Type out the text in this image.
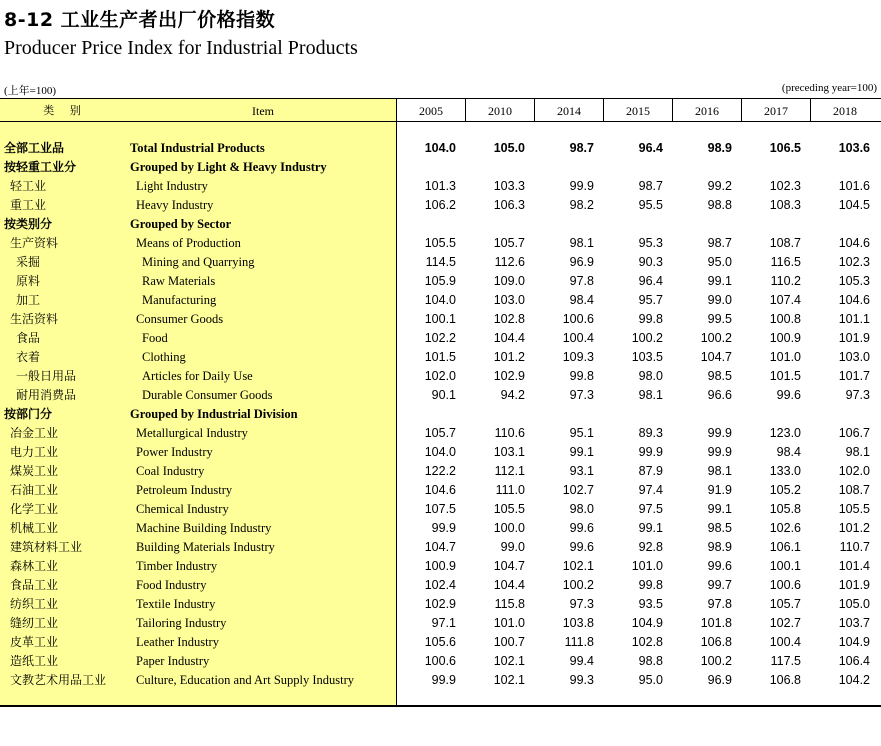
8-12 工业生产者出厂价格指数
Producer Price Index for Industrial Products
(上年=100)	(preceding year=100)
类 别	Item	2005	2010	2014	2015	2016	2017	2018
全部工业品	Total Industrial Products	104.0	105.0	98.7	96.4	98.9	106.5	103.6
按轻重工业分	Grouped by Light & Heavy Industry
轻工业	Light Industry	101.3	103.3	99.9	98.7	99.2	102.3	101.6
重工业	Heavy Industry	106.2	106.3	98.2	95.5	98.8	108.3	104.5
按类别分	Grouped by Sector
生产资料	Means of Production	105.5	105.7	98.1	95.3	98.7	108.7	104.6
采掘	Mining and Quarrying	114.5	112.6	96.9	90.3	95.0	116.5	102.3
原料	Raw Materials	105.9	109.0	97.8	96.4	99.1	110.2	105.3
加工	Manufacturing	104.0	103.0	98.4	95.7	99.0	107.4	104.6
生活资料	Consumer Goods	100.1	102.8	100.6	99.8	99.5	100.8	101.1
食品	Food	102.2	104.4	100.4	100.2	100.2	100.9	101.9
衣着	Clothing	101.5	101.2	109.3	103.5	104.7	101.0	103.0
一般日用品	Articles for Daily Use	102.0	102.9	99.8	98.0	98.5	101.5	101.7
耐用消费品	Durable Consumer Goods	90.1	94.2	97.3	98.1	96.6	99.6	97.3
按部门分	Grouped by Industrial Division
冶金工业	Metallurgical Industry	105.7	110.6	95.1	89.3	99.9	123.0	106.7
电力工业	Power Industry	104.0	103.1	99.1	99.9	99.9	98.4	98.1
煤炭工业	Coal Industry	122.2	112.1	93.1	87.9	98.1	133.0	102.0
石油工业	Petroleum Industry	104.6	111.0	102.7	97.4	91.9	105.2	108.7
化学工业	Chemical Industry	107.5	105.5	98.0	97.5	99.1	105.8	105.5
机械工业	Machine Building Industry	99.9	100.0	99.6	99.1	98.5	102.6	101.2
建筑材料工业	Building Materials Industry	104.7	99.0	99.6	92.8	98.9	106.1	110.7
森林工业	Timber Industry	100.9	104.7	102.1	101.0	99.6	100.1	101.4
食品工业	Food Industry	102.4	104.4	100.2	99.8	99.7	100.6	101.9
纺织工业	Textile Industry	102.9	115.8	97.3	93.5	97.8	105.7	105.0
缝纫工业	Tailoring Industry	97.1	101.0	103.8	104.9	101.8	102.7	103.7
皮革工业	Leather Industry	105.6	100.7	111.8	102.8	106.8	100.4	104.9
造纸工业	Paper Industry	100.6	102.1	99.4	98.8	100.2	117.5	106.4
文教艺术用品工业 Culture, Education and Art Supply Industry	99.9	102.1	99.3	95.0	96.9	106.8	104.2
